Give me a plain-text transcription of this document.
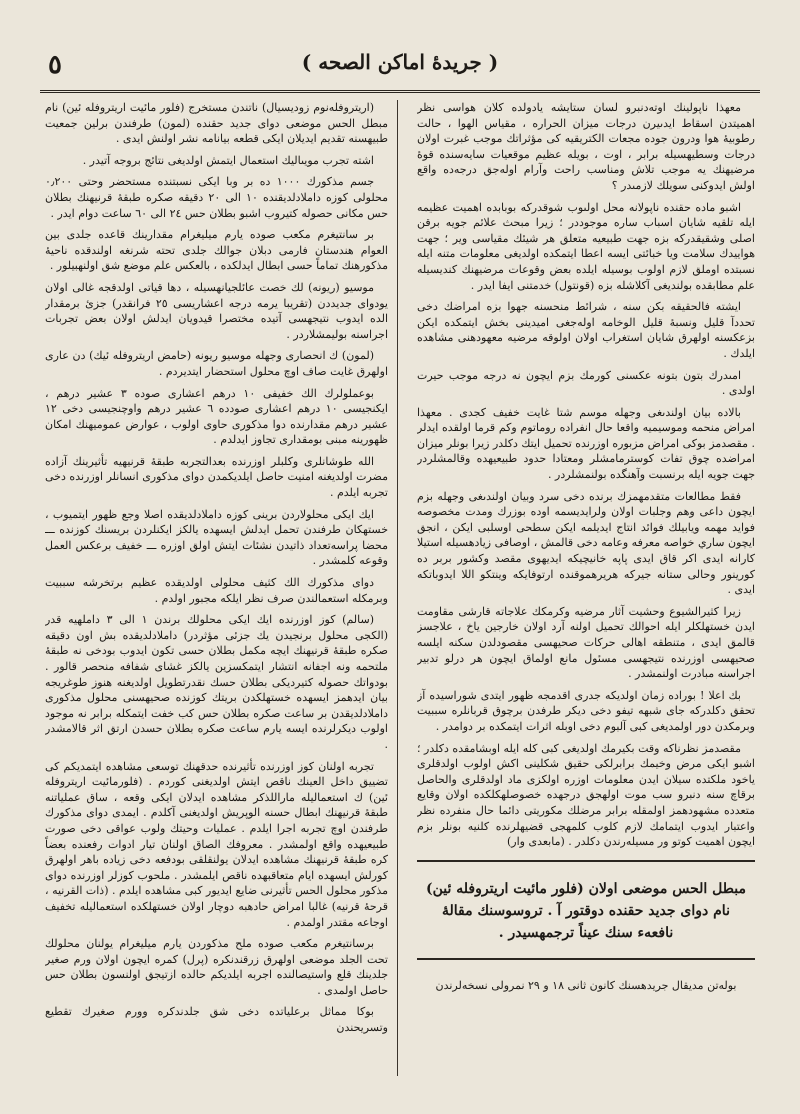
٥	( جريدهٔ اماكن الصحه )

معهذا ناپولينك اوتەدنبرو لسان ستايشە يادولدە كلان هواسى نظر اهميتدن اسقاط ايدىيرن درجات ميزان الحراره ، مقياس الهوا ، حالت رطوبيهٔ هوا ودرون جوده مجعات الكتريقيه كى مؤثراتك موجب غبرت اولان درجات وسطيهسيله برابر ، اوت ، بويله عظيم موقعيات سايەسندە قوهٔ مرضيهنك يە موجب تلاش ومناسب راحت وآرام اولەجق درجەدە واقع اولش ايدوكنى سويلك لازمىدر ؟

اشبو ماده حقنده ناپولانه محل اولىوب شوقدركه بوبابده اهميت عظيمه ايله تلقيه شايان اسباب ساره موجوددر ؛ زيرا مبحث علائم جويه برقن اصلى وشقيقدركە بزه جهت طبيعيه متعلق هر شيئك مقياسى وير ؛ جهت هواييدك سلامت ويا خبائتى ايسه اعطا ايتمكده اولديغى معلومات متنه ايله نسبتده اوملق لازم اولوب بوسيله ايلده بعض وقوعات مرضيهنك كنديسيله علم مطابقده بولنديغى آكلاشلە بزه (قونتول) خدمتنى ايفا ايدر .

ايشته فالحقيقه بكن سنه ، شرائط منحسنه جهوا بزه امراضك دخى تحددآ قليل ونسبهٔ قليل الوخامه اولەجغى اميدينى بخش ايتمكده ايكن بزعكسنه اولهرق شايان استغراب اولان اولوقه مرضيه معهودهنى مشاهده ايلدك .

امىدرك بتون بتونه عكسنى كورمك بزم ايچون نه درجه موجب حيرت اولدى .

بالاده بيان اولندىغى وجهله موسم شتا غايت خفيف كجدى . معهذا امراض منحمه وموسيميه واقعا حال انفراده روماتوم وكم قرما اولقده ايدلر . مقصدمز بوكى امراض مزبوره اوزرنده تحميل ايتك دكلدر زيرا بونلر ميزان امراضده چوق تفات كوسترمامشلر ومعتادا حدود طبيعيهده وقالمشلردر جهت جويه ايله برنسبت وآهنگده بولنمشلردر .

فقط مطالعات متقدمهمزك برنده دخى سرد وبيان اولندىغى وجهله بزم ايچون داعى وهم وجلبات اولان ولرايديسمه اوده بوزرك ومدت مخصوصه فوايد مهمه ويابيلك فوائد انتاج ايديلمه ايكن سطحى اوسلبى ايكن ، انجق ايچون ساري خواصه معرفه وعامه دخى قالمش ، اوصافى زيادهسيله استيلا كارانه ايدى اكر قاق ايدى پاپه خانيچيكه ايديهوى مقصد وكشور بربر ده كورينور وحالى ستانه جيركه هريرهموقنده ارتوفايكه وينتكو اللا ايدوباتكه ايدى .

زيرا كثيرالشيوع وحشيت آثار مرضيه وكرمكك علاجاته قارشى مقاومت ايدن خستهلكلر ايله احوالك تحميل اولنه آرد اولان خارجين ياخ ، علاجسز قالمق ايدى ، متنطقه اهالى حركات صحيهسى مقصودلدن سكنه ايلسه صحيهسى اوزرنده نتيجهسى مسئول مانع اولماق ايچون هر درلو تدبير اجراسنه مبادرت اولنمشدر .

بك اعلا ! بوراده زمان اولديكه جدرى اقدمجه ظهور ايتدى شوراسيده آز تحقق دكلدركه جاى شبهه تيفو دخى ديكر طرفدن برچوق قربانلره سببيت وبرمكدن دور اولمديغى كبى آلبوم دخى اوبله اثرات ايتمكده بر دوامدر .

مقصدمز نظرناكه وقت بكيرمك اولديغى كبى كله ايله اوبشامقده دكلدر ؛ اشبو ايكى مرض وخيمك برابرلكى حقيق شكلينى اكش اولوب اولدقلرى ياخود ملكتده سيلان ايدن معلومات اوزره اولكزى ماد اولدقلرى والحاصل برقاچ سنه دنبرو سب موت اولهجق درجهده خصوصلهكلكده اولان وقايع متعدده مشهودهمز اولمقله برابر مرضلك مكوريتى دائما حال منفرده نظر واعتبار ايدوب ايتمامك لازم كلوب كلمهجى قضيهلرنده كلنيه بونلر بزم ايچون اهميت كوتو ور مسيلەرندن دكلدر . (مابعدى وار)

مبطل الحس موضعى اولان (فلور مائيت اريتروفله ئين) نام دواى جديد حقنده دوقتور آ . تروسوسنك مقالهٔ نافعهء سنك عيناً ترجمهسيدر .
بولەتن مديقال جريدهسنك كانون ثانى ١٨ و ٢٩ نمرولى نسخەلرندن

(اريتروفلەنوم زوديسيال) ناتندن مستخرج (فلور مائيت اريتروفله ئين) نام مبطل الحس موضعى دواى جديد حقنده (لمون) طرفندن برلين جمعيت طبيهسنه تقديم ايديلان ايكى قطعه بيانامه نشر اولنش ايدى .

اشته تجرب مويىاليك استعمال ايتمش اولديغى نتائج بروجه آتيدر .

جسم مذكورك ١٠٠٠ ده بر وبا ايكى نسبتنده مستحضر وحتى ٠٫٢٠٠ محلولى كوزه داملادلديقنده ١٠ الى ٢٠ دقيقه صكره طبقهٔ قرنيهنك بطلان حس مكانى حصوله كتيروب اشبو بطلان حس ٢٤ الى ٦٠ ساعت دوام ايدر .

بر سانتيغرم مكعب صوده يارم ميليغرام مقدارينك قاعده جلدى بين العوام هندستان فارمى دبلان جوالك جلدى تحته شرنغه اولندقده ناحيهٔ مذكورهنك تماماً حسى ابطال ايدلكده ، بالعكس علم موضع شق اولنهبيلور .

موسيو (ريونه) لك خصت عائلجيانهسيله ، دها قياتى اولدقجه غالى اولان يودواى جديددن (تقريبا يرمه درجه اعشاريسى ٢٥ فرانقدر) جزئ برمقدار الده ايدوب نتيجهسى آتيده مختصرا قيدويان ايدلش اولان بعض تجربات اجراسنه بوليمشلاردر .

(لمون) ك انحصارى وجهله موسيو ريونه (حامض اريتروفله ئيك) دن عارى اولهرق غايت صاف اوچ محلول استحضار ايتديردم .

بوعملولرك الك خفيفى ١٠ درهم اعشارى صوده ٣ عشير درهم ، ايكنجيسى ١٠ درهم اعشارى صودده ٦ عشير درهم واوچنجيسى دخى ١٢ عشير درهم مقدارنده دوا مذكورى حاوى اولوب ، عوارض عموميهنك امكان ظهورينه مبنى بومقدارى تجاوز ايدلدم .

الله طوشانلرى وكلبلر اوزرنده بعدالتجربه طبقهٔ قرنيهيه تأثيرينك آزاده مضرت اولديغنه امنيت حاصل ايلديكمدن دواى مذكورى انسانلر اوزرنده دخى تجربه ايلدم .

ايك ايكى محلولاردن برينى كوزه داملادلديقده اصلا وجع ظهور ايتميوب ، خستهكان طرفندن تحمل ايدلش ايسهده يالكز ايكنلردن بريسنك كوزنده ـــ محضا پراسەتعداد ذاتيدن نشئات ايتش اولق اوزره ـــ خفيف برعكس العمل وقوعه كلمشدر .

دواى مذكورك الك كثيف محلولى اولديقده عظيم برتخرشه سببيت وبرمكله استعمالندن صرف نظر ايلكه مجبور اولدم .

(سالم) كوز اوزرنده ايك ايكى محلولك برندن ١ الى ٣ داملهيه قدر (الكجى محلول برنجيدن يك جزئى مؤثردر) داملادلديقده بش اون دقيقه صكره طبقهٔ قرنيهنك ايچه مكمل بطلان حسى تكون ايدوب بودخى نه طبقهٔ ملتحمه ونه اجفانه انتشار ايتمكسزين يالكز غشاى شفافه منحصر قالور . بودواتك حصوله كتيرديكى بطلان حسك نقدرتطويل اولديغنه هنوز طوغريجه بيان ايدهمز ايسهده خستهلكدن بريتك كوزنده صحيهسنى محلول مذكورى داملادلديقدن بر ساعت صكره بطلان حس كب خفت ايتمكله برابر نه موجود اولوب ديكرلرنده ايسه يارم ساعت صكره بطلان حسدن ارتق اثر قالامشدر .

تجربه اولنان كوز اوزرنده تأثيرنده حدقهنك توسعى مشاهده ايتمديكم كى تضييق داخل العينك ناقص ايتش اولديغنى كوردم . (فلورمائيت اريتروفله ئين) ك استعماليله ماراللذكر مشاهده ايدلان ايكى وقعه ، ساق عملياتنه طبقهٔ قرنيهنك ابطال حسنه الوپريش اولديغنى آكلدم . ايمدى دواى مذكورك طرفندن اوچ تجربه اجرا ايلدم . عمليات وحيتك ولوب عواقى دخى صورت طبيعيهده واقع اولمشدر . معروفك الصاق اولنان تيار ادوات رفعنده بعضاً كره طبقهٔ قرنيهنك مشاهده ايدلان يولنقلقى بودفعه دخى زياده باهر اولهرق كورلش ايسهده ايام متعاقبهده ناقص ايلمشدر . ملحوب كوزلر اوزرنده دواى مذكور محلول الحس تأثيرنى ضايع ايديور كبى مشاهده ايلدم . (ذات القرنيه ، قرحهٔ قرنيه) غالبا امراض حادهبه دوچار اولان خستهلكده استعماليله تخفيف اوجاعه مقتدر اولمدم .

برسانتيغرم مكعب صوده ملح مذكوردن يارم ميليغرام يولنان محلولك تحت الجلد موضعى اولهرق زرقندنكره (پرل) كمره ايچون اولان ورم صغير جلدينك قلع واستيصالنده اجربه ايلديكم حالده ازتيجق اولنسون بطلان حس حاصل اولمدى .

بوكا مماثل برعلياتده دخى شق جلدندكره وورم صغيرك تقطيع وتسريحندن
